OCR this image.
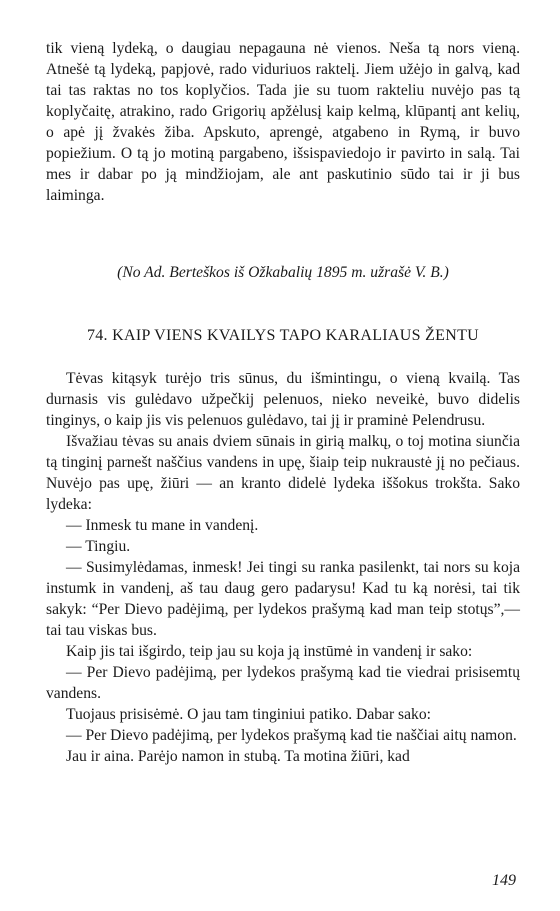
tik vieną lydeką, o daugiau nepagauna nė vienos. Neša tą nors vieną. Atnešė tą lydeką, papjovė, rado viduriuos raktelį. Jiem užėjo in galvą, kad tai tas raktas no tos koplyčios. Tada jie su tuom rakteliu nuvėjo pas tą koplyčaitę, atrakino, rado Grigorių apžėlusį kaip kelmą, klūpantį ant kelių, o apė jį žvakės žiba. Apskuto, aprengė, atgabeno in Rymą, ir buvo popiežium. O tą jo motiną pargabeno, išsispaviedojo ir pavirto in salą. Tai mes ir dabar po ją mindžiojam, ale ant paskutinio sūdo tai ir ji bus laiminga.

(No Ad. Berteškos iš Ožkabalių 1895 m. užrašė V. B.)

74. KAIP VIENS KVAILYS TAPO KARALIAUS ŽENTU

Tėvas kitąsyk turėjo tris sūnus, du išmintingu, o vieną kvailą. Tas durnasis vis gulėdavo užpečkij pelenuos, nieko neveikė, buvo didelis tinginys, o kaip jis vis pelenuos gulėdavo, tai jį ir praminė Pelendrusu.

Išvažiau tėvas su anais dviem sūnais in girią malkų, o toj motina siunčia tą tinginį parnešt naščius vandens in upę, šiaip teip nukraustė jį no pečiaus. Nuvėjo pas upę, žiūri — an kranto didelė lydeka iššokus trokšta. Sako lydeka:

— Inmesk tu mane in vandenį.

— Tingiu.

— Susimylėdamas, inmesk! Jei tingi su ranka pasilenkt, tai nors su koja instumk in vandenį, aš tau daug gero padarysu! Kad tu ką norėsi, tai tik sakyk: “Per Dievo padėjimą, per lydekos prašymą kad man teip stotųs”,— tai tau viskas bus.

Kaip jis tai išgirdo, teip jau su koja ją instūmė in vandenį ir sako:

— Per Dievo padėjimą, per lydekos prašymą kad tie viedrai prisisemtų vandens.

Tuojaus prisisėmė. O jau tam tinginiui patiko. Dabar sako:

— Per Dievo padėjimą, per lydekos prašymą kad tie naščiai aitų namon.

Jau ir aina. Parėjo namon in stubą. Ta motina žiūri, kad

149
